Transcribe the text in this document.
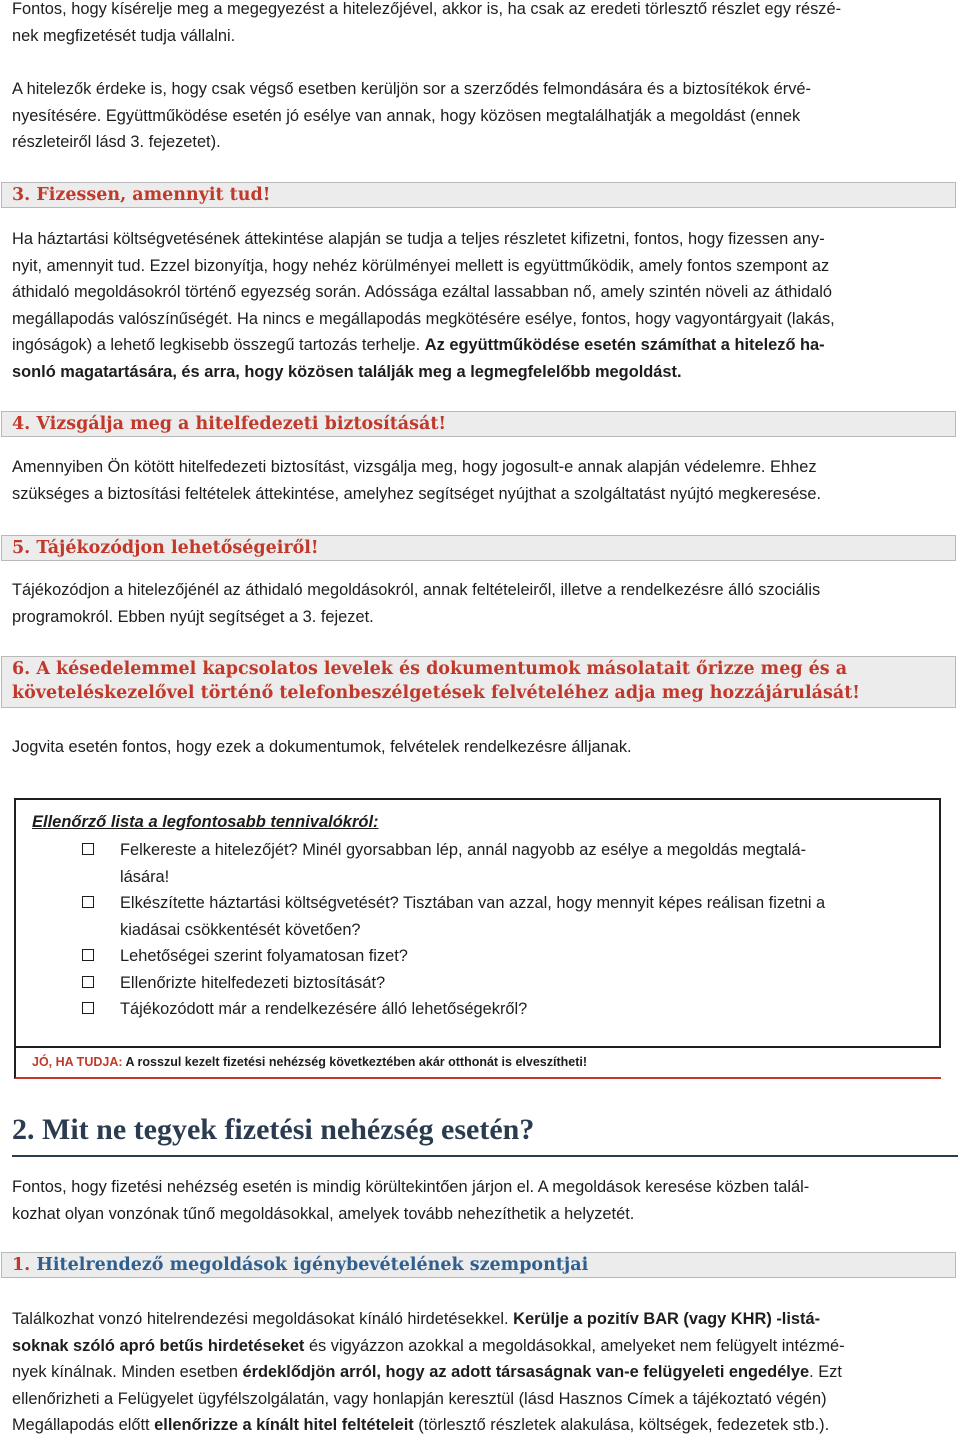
Fontos, hogy kísérelje meg a megegyezést a hitelezőjével, akkor is, ha csak az eredeti törlesztő részlet egy részé-

nek megfizetését tudja vállalni.

A hitelezők érdeke is, hogy csak végső esetben kerüljön sor a szerződés felmondására és a biztosítékok érvé-

nyesítésére. Együttműködése esetén jó esélye van annak, hogy közösen megtalálhatják a megoldást (ennek

részleteiről lásd 3. fejezetet).

3. Fizessen, amennyit tud!

Ha háztartási költségvetésének áttekintése alapján se tudja a teljes részletet kifizetni, fontos, hogy fizessen any-

nyit, amennyit tud. Ezzel bizonyítja, hogy nehéz körülményei mellett is együttműködik, amely fontos szempont az

áthidaló megoldásokról történő egyezség során. Adóssága ezáltal lassabban nő, amely szintén növeli az áthidaló

megállapodás valószínűségét. Ha nincs e megállapodás megkötésére esélye, fontos, hogy vagyontárgyait (lakás,

ingóságok) a lehető legkisebb összegű tartozás terhelje. Az együttműködése esetén számíthat a hitelező ha-

sonló magatartására, és arra, hogy közösen találják meg a legmegfelelőbb megoldást.

4. Vizsgálja meg a hitelfedezeti biztosítását!

Amennyiben Ön kötött hitelfedezeti biztosítást, vizsgálja meg, hogy jogosult-e annak alapján védelemre. Ehhez

szükséges a biztosítási feltételek áttekintése, amelyhez segítséget nyújthat a szolgáltatást nyújtó megkeresése.

5. Tájékozódjon lehetőségeiről!

Tájékozódjon a hitelezőjénél az áthidaló megoldásokról, annak feltételeiről, illetve a rendelkezésre álló szociális

programokról. Ebben nyújt segítséget a 3. fejezet.

6. A késedelemmel kapcsolatos levelek és dokumentumok másolatait őrizze meg és a
követeléskezelővel történő telefonbeszélgetések felvételéhez adja meg hozzájárulását!

Jogvita esetén fontos, hogy ezek a dokumentumok, felvételek rendelkezésre álljanak.

Ellenőrző lista a legfontosabb tennivalókról:
Felkereste a hitelezőjét? Minél gyorsabban lép, annál nagyobb az esélye a megoldás megtalá-
lására!
Elkészítette háztartási költségvetését? Tisztában van azzal, hogy mennyit képes reálisan fizetni a
kiadásai csökkentését követően?
Lehetőségei szerint folyamatosan fizet?
Ellenőrizte hitelfedezeti biztosítását?
Tájékozódott már a rendelkezésére álló lehetőségekről?
JÓ, HA TUDJA: A rosszul kezelt fizetési nehézség következtében akár otthonát is elveszítheti!
2. Mit ne tegyek fizetési nehézség esetén?

Fontos, hogy fizetési nehézség esetén is mindig körültekintően járjon el. A megoldások keresése közben talál-

kozhat olyan vonzónak tűnő megoldásokkal, amelyek tovább nehezíthetik a helyzetét.

1. Hitelrendező megoldások igénybevételének szempontjai

Találkozhat vonzó hitelrendezési megoldásokat kínáló hirdetésekkel. Kerülje a pozitív BAR (vagy KHR) -listá-

soknak szóló apró betűs hirdetéseket és vigyázzon azokkal a megoldásokkal, amelyeket nem felügyelt intézmé-

nyek kínálnak. Minden esetben érdeklődjön arról, hogy az adott társaságnak van-e felügyeleti engedélye. Ezt

ellenőrizheti a Felügyelet ügyfélszolgálatán, vagy honlapján keresztül (lásd Hasznos Címek a tájékoztató végén)

Megállapodás előtt ellenőrizze a kínált hitel feltételeit (törlesztő részletek alakulása, költségek, fedezetek stb.).
